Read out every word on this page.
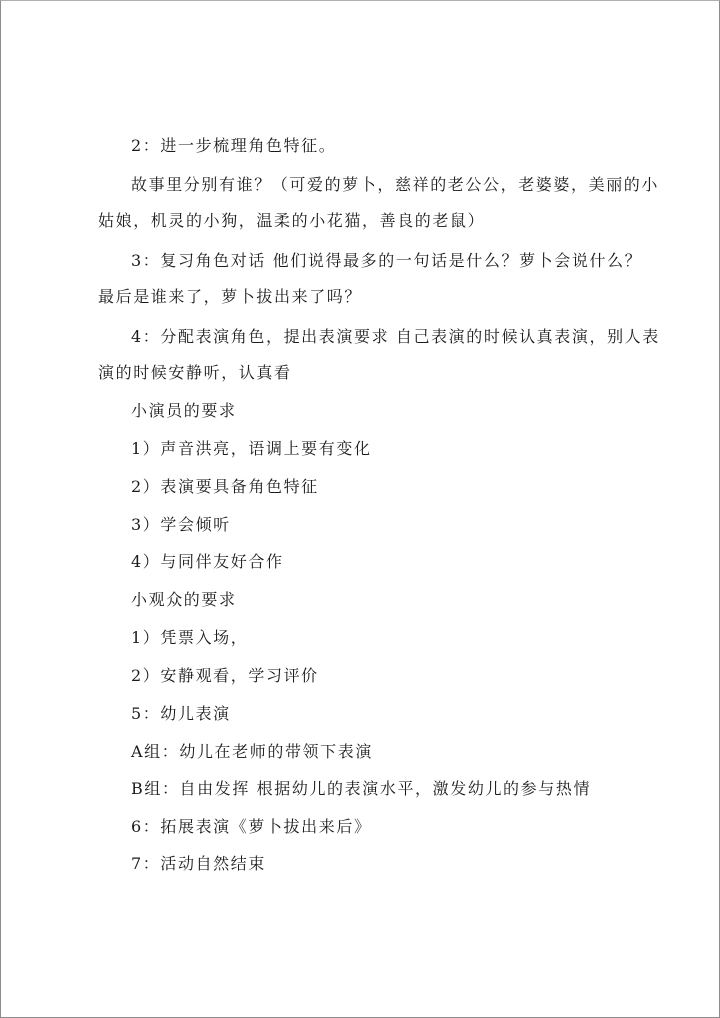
2：进一步梳理角色特征。
故事里分别有谁？（可爱的萝卜，慈祥的老公公，老婆婆，美丽的小
姑娘，机灵的小狗，温柔的小花猫，善良的老鼠）
3：复习角色对话 他们说得最多的一句话是什么？萝卜会说什么？
最后是谁来了，萝卜拔出来了吗？
4：分配表演角色，提出表演要求 自己表演的时候认真表演，别人表
演的时候安静听，认真看
小演员的要求
1）声音洪亮，语调上要有变化
2）表演要具备角色特征
3）学会倾听
4）与同伴友好合作
小观众的要求
1）凭票入场，
2）安静观看，学习评价
5：幼儿表演
A组：幼儿在老师的带领下表演
B组：自由发挥 根据幼儿的表演水平，激发幼儿的参与热情
6：拓展表演《萝卜拔出来后》
7：活动自然结束
